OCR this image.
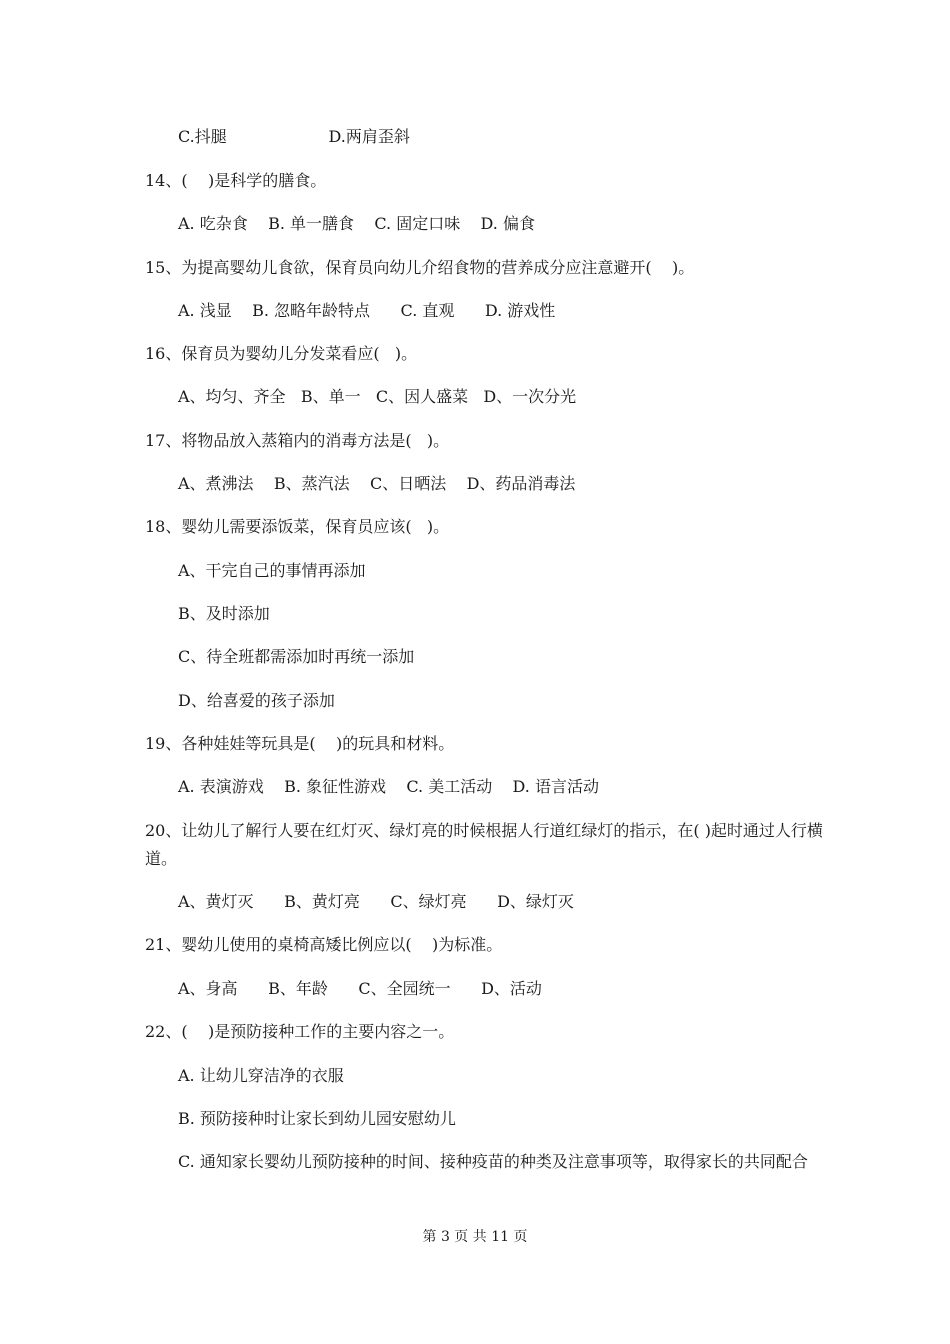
C.抖腿                    D.两肩歪斜

14、(    )是科学的膳食。

A. 吃杂食    B. 单一膳食    C. 固定口味    D. 偏食

15、为提高婴幼儿食欲，保育员向幼儿介绍食物的营养成分应注意避开(    )。

A. 浅显    B. 忽略年龄特点      C. 直观      D. 游戏性

16、保育员为婴幼儿分发菜看应(   )。

A、均匀、齐全   B、单一   C、因人盛菜   D、一次分光

17、将物品放入蒸箱内的消毒方法是(   )。

A、煮沸法    B、蒸汽法    C、日晒法    D、药品消毒法

18、婴幼儿需要添饭菜，保育员应该(   )。

A、干完自己的事情再添加

B、及时添加

C、待全班都需添加时再统一添加

D、给喜爱的孩子添加

19、各种娃娃等玩具是(    )的玩具和材料。

A. 表演游戏    B. 象征性游戏    C. 美工活动    D. 语言活动

20、让幼儿了解行人要在红灯灭、绿灯亮的时候根据人行道红绿灯的指示，在( )起时通过人行横道。

A、黄灯灭      B、黄灯亮      C、绿灯亮      D、绿灯灭

21、婴幼儿使用的桌椅高矮比例应以(    )为标准。

A、身高      B、年龄      C、全园统一      D、活动

22、(    )是预防接种工作的主要内容之一。

A. 让幼儿穿洁净的衣服

B. 预防接种时让家长到幼儿园安慰幼儿

C. 通知家长婴幼儿预防接种的时间、接种疫苗的种类及注意事项等，取得家长的共同配合

第 3 页 共 11 页
